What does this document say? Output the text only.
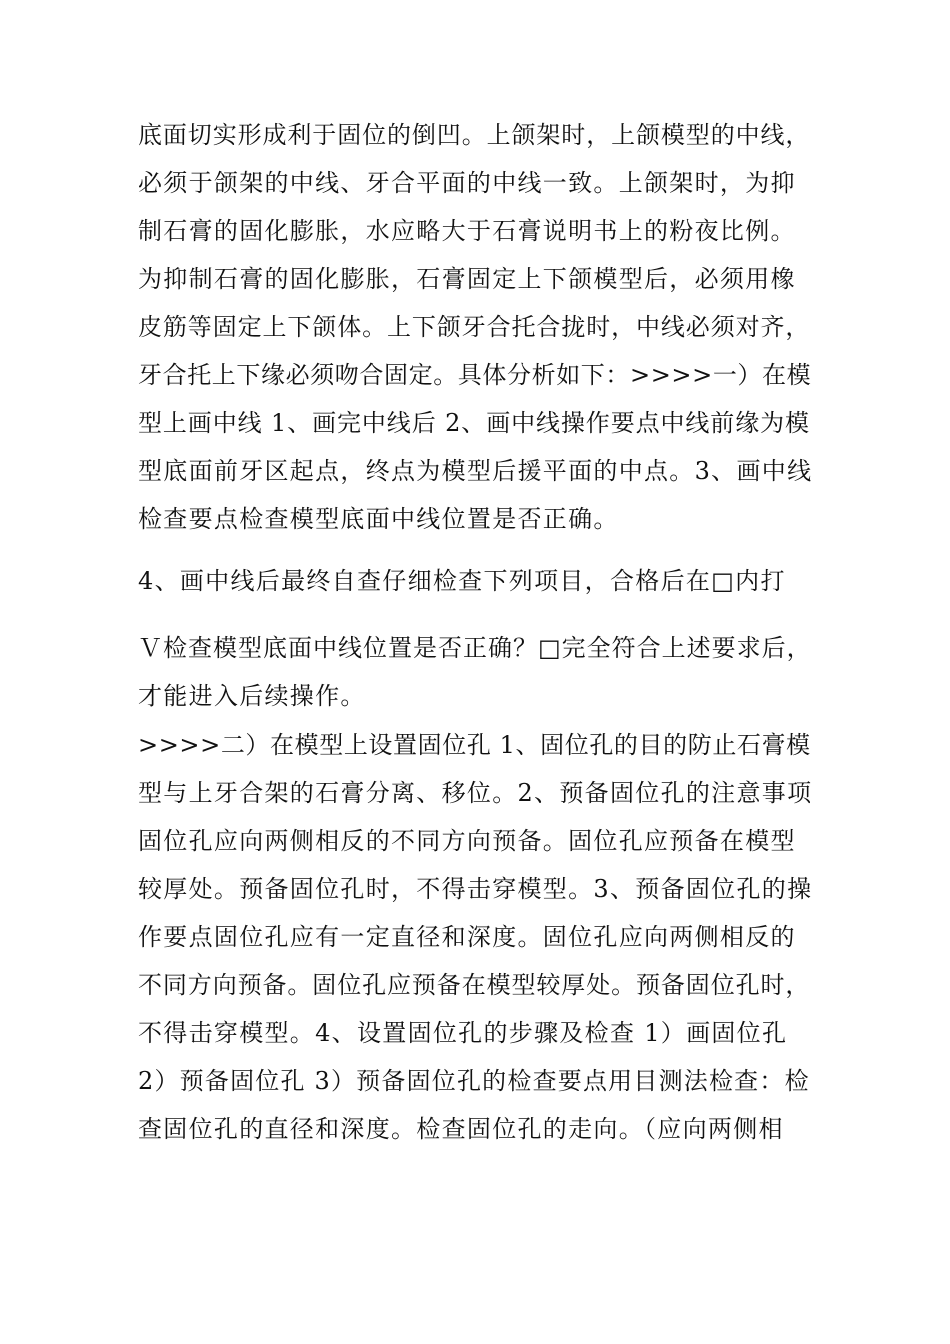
底面切实形成利于固位的倒凹。上颌架时，上颌模型的中线，
必须于颌架的中线、牙合平面的中线一致。上颌架时，为抑
制石膏的固化膨胀，水应略大于石膏说明书上的粉夜比例。
为抑制石膏的固化膨胀，石膏固定上下颌模型后，必须用橡
皮筋等固定上下颌体。上下颌牙合托合拢时，中线必须对齐，
牙合托上下缘必须吻合固定。具体分析如下：>>>>一）在模
型上画中线 1、画完中线后 2、画中线操作要点中线前缘为模
型底面前牙区起点，终点为模型后援平面的中点。3、画中线
检查要点检查模型底面中线位置是否正确。
4、画中线后最终自查仔细检查下列项目，合格后在□内打
Ｖ检查模型底面中线位置是否正确？□完全符合上述要求后，
才能进入后续操作。
>>>>二）在模型上设置固位孔 1、固位孔的目的防止石膏模
型与上牙合架的石膏分离、移位。2、预备固位孔的注意事项
固位孔应向两侧相反的不同方向预备。固位孔应预备在模型
较厚处。预备固位孔时，不得击穿模型。3、预备固位孔的操
作要点固位孔应有一定直径和深度。固位孔应向两侧相反的
不同方向预备。固位孔应预备在模型较厚处。预备固位孔时，
不得击穿模型。4、设置固位孔的步骤及检查 1）画固位孔
2）预备固位孔 3）预备固位孔的检查要点用目测法检查：检
查固位孔的直径和深度。检查固位孔的走向。（应向两侧相
